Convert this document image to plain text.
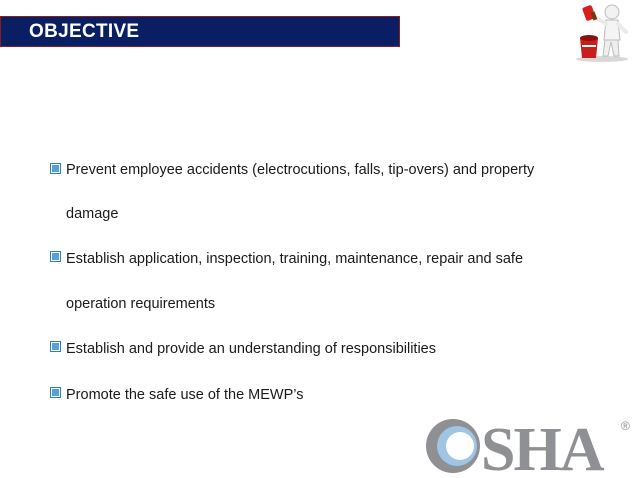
OBJECTIVE
Prevent employee accidents (electrocutions, falls, tip-overs) and property
damage
Establish application, inspection, training, maintenance, repair and safe
operation requirements
Establish and provide an understanding of responsibilities
Promote the safe use of the MEWP’s
SHA ®
